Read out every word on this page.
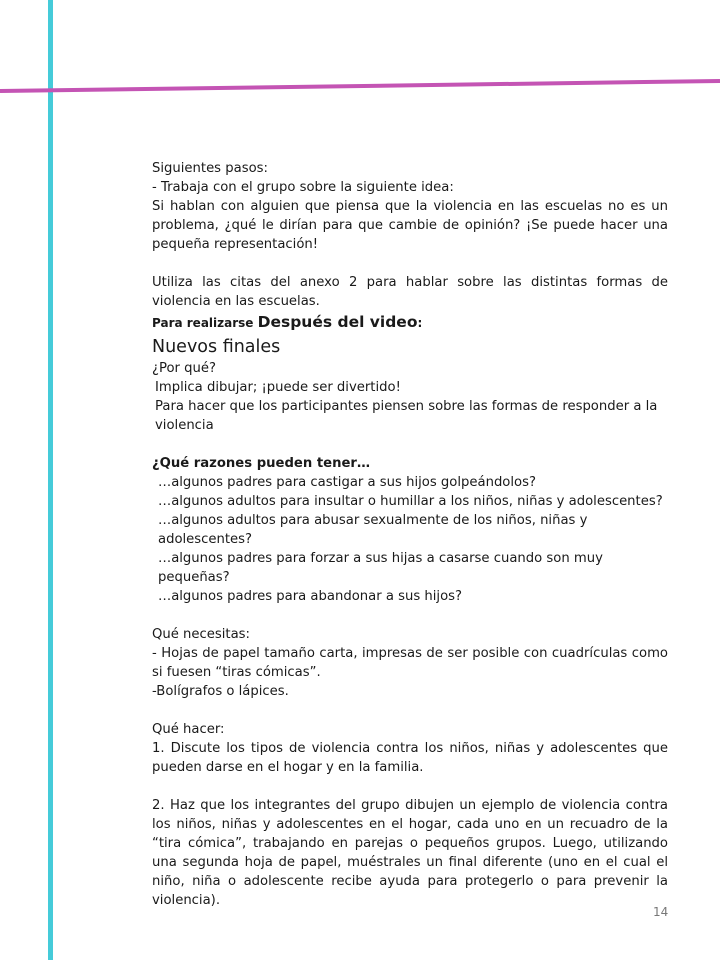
Siguientes pasos:

- Trabaja con el grupo sobre la siguiente idea:

Si hablan con alguien que piensa que la violencia en las escuelas no es un problema, ¿qué le dirían para que cambie de opinión? ¡Se puede hacer una pequeña representación!

Utiliza las citas del anexo 2 para hablar sobre las distintas formas de violencia en las escuelas.

Para realizarse Después del video:

Nuevos finales

¿Por qué?

Implica dibujar; ¡puede ser divertido!

Para hacer que los participantes piensen sobre las formas de responder a la violencia

¿Qué razones pueden tener…

…algunos padres para castigar a sus hijos golpeándolos?

…algunos adultos para insultar o humillar a los niños, niñas y adolescentes?

…algunos adultos para abusar sexualmente de los niños, niñas y adolescentes?

…algunos padres para forzar a sus hijas a casarse cuando son muy pequeñas?

…algunos padres para abandonar a sus hijos?

Qué necesitas:

- Hojas de papel tamaño carta, impresas de ser posible con cuadrículas como si fuesen “tiras cómicas”.

-Bolígrafos o lápices.

Qué hacer:

1. Discute los tipos de violencia contra los niños, niñas y adolescentes que pueden darse en el hogar y en la familia.

2. Haz que los integrantes del grupo dibujen un ejemplo de violencia contra los niños, niñas y adolescentes en el hogar, cada uno en un recuadro de la “tira cómica”, trabajando en parejas o pequeños grupos. Luego, utilizando una segunda hoja de papel, muéstrales un final diferente (uno en el cual el niño, niña o adolescente recibe ayuda para protegerlo o para prevenir la violencia).

14
